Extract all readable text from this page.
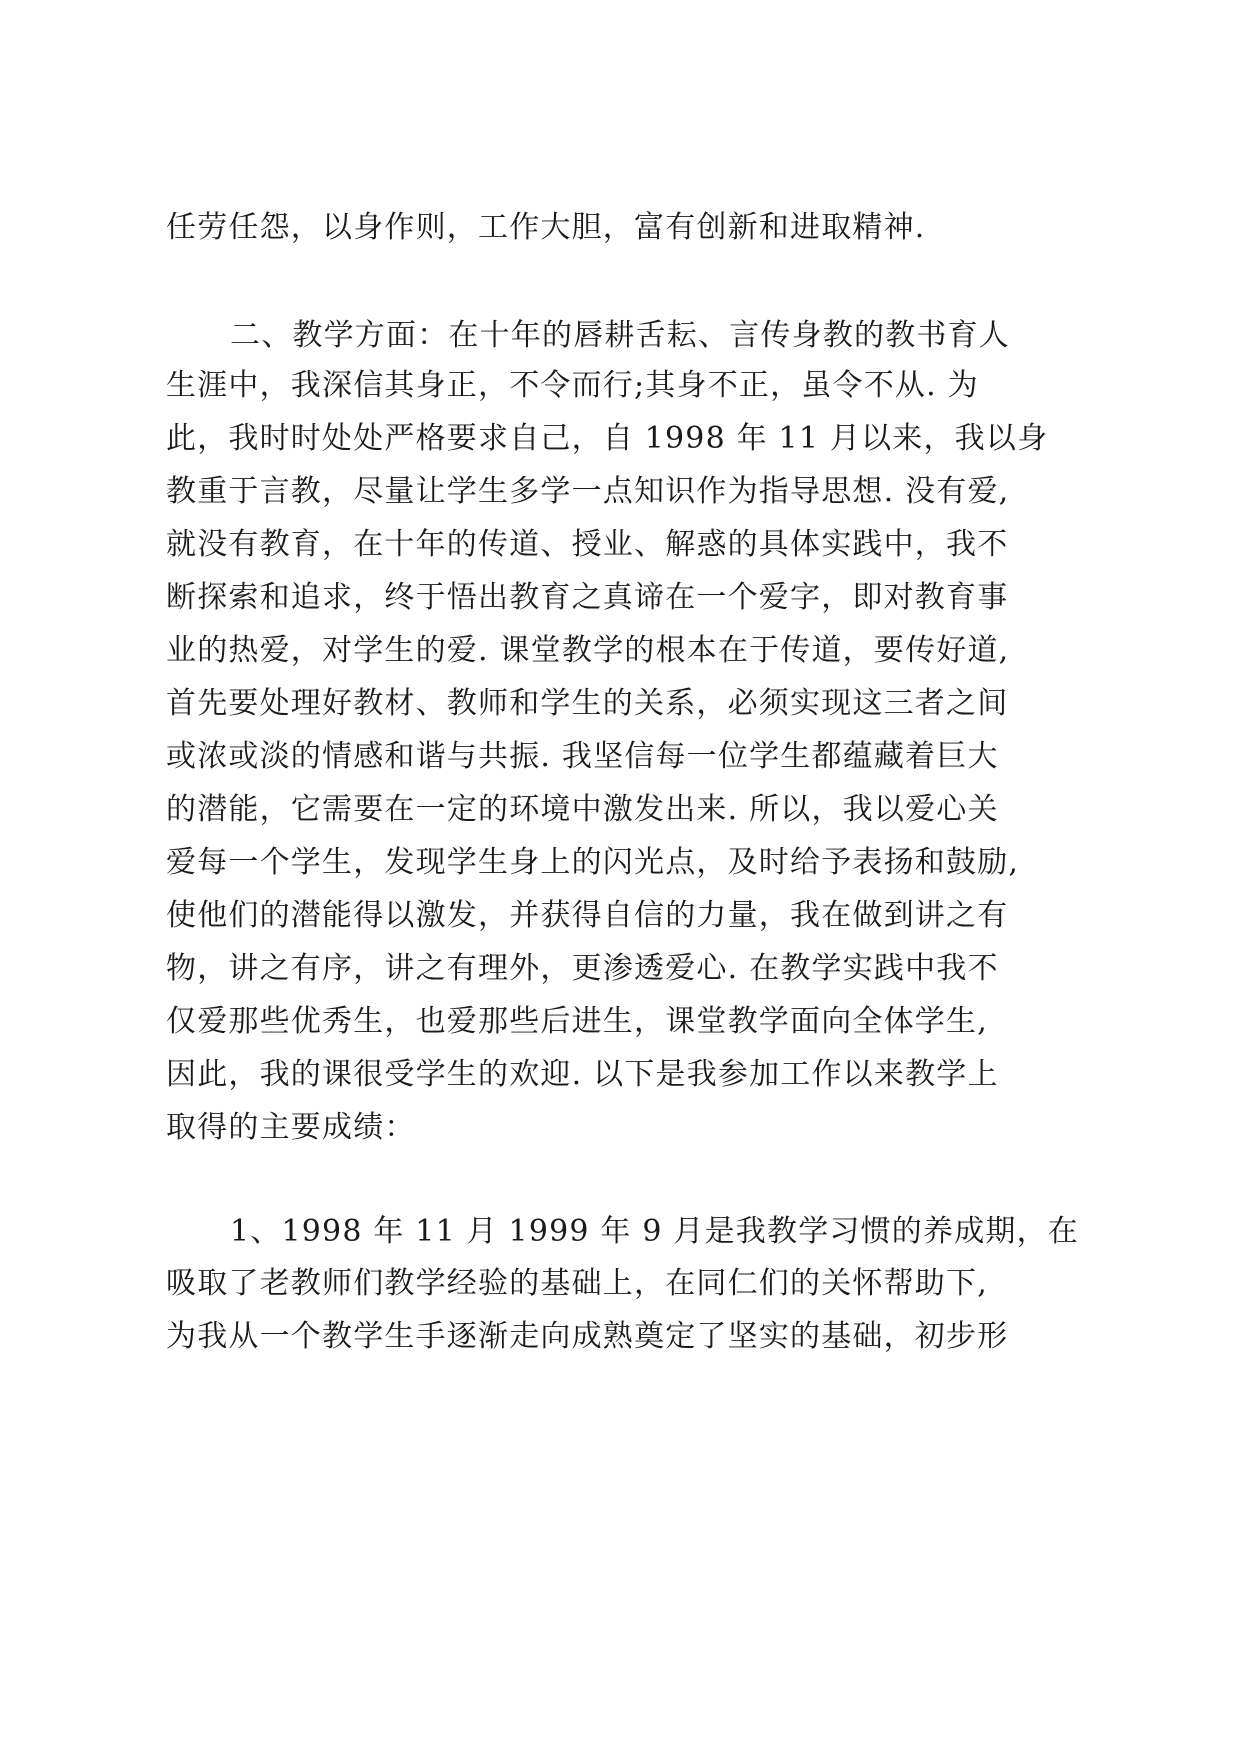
任劳任怨，以身作则，工作大胆，富有创新和进取精神.
二、教学方面：在十年的唇耕舌耘、言传身教的教书育人
生涯中，我深信其身正，不令而行;其身不正，虽令不从. 为
此，我时时处处严格要求自己，自 1998 年 11 月以来，我以身
教重于言教，尽量让学生多学一点知识作为指导思想. 没有爱,
就没有教育，在十年的传道、授业、解惑的具体实践中，我不
断探索和追求，终于悟出教育之真谛在一个爱字，即对教育事
业的热爱，对学生的爱. 课堂教学的根本在于传道，要传好道,
首先要处理好教材、教师和学生的关系，必须实现这三者之间
或浓或淡的情感和谐与共振. 我坚信每一位学生都蕴藏着巨大
的潜能，它需要在一定的环境中激发出来. 所以，我以爱心关
爱每一个学生，发现学生身上的闪光点，及时给予表扬和鼓励,
使他们的潜能得以激发，并获得自信的力量，我在做到讲之有
物，讲之有序，讲之有理外，更渗透爱心. 在教学实践中我不
仅爱那些优秀生，也爱那些后进生，课堂教学面向全体学生,
因此，我的课很受学生的欢迎. 以下是我参加工作以来教学上
取得的主要成绩：
1、1998 年 11 月 1999 年 9 月是我教学习惯的养成期，在
吸取了老教师们教学经验的基础上，在同仁们的关怀帮助下,
为我从一个教学生手逐渐走向成熟奠定了坚实的基础，初步形
